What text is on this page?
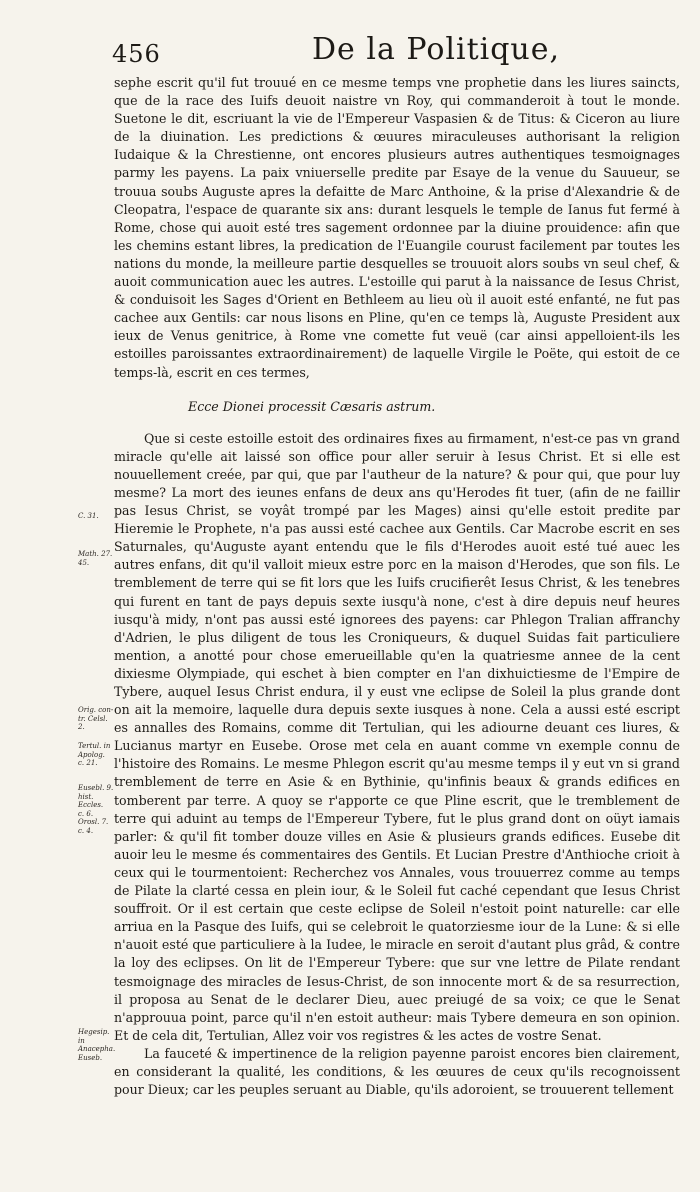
456	De la Politique,

sephe escrit qu'il fut trouué en ce mesme temps vne prophetie dans les liures saincts, que de la race des Iuifs deuoit naistre vn Roy, qui commanderoit à tout le monde. Suetone le dit, escriuant la vie de l'Empereur Vaspasien & de Titus: & Ciceron au liure de la diuination. Les predictions & œuures miraculeuses authorisant la religion Iudaique & la Chrestienne, ont encores plusieurs autres authentiques tesmoignages parmy les payens. La paix vniuerselle predite par Esaye de la venue du Sauueur, se trouua soubs Auguste apres la defaitte de Marc Anthoine, & la prise d'Alexandrie & de Cleopatra, l'espace de quarante six ans: durant lesquels le temple de Ianus fut fermé à Rome, chose qui auoit esté tres sagement ordonnee par la diuine prouidence: afin que les chemins estant libres, la predication de l'Euangile courust facilement par toutes les nations du monde, la meilleure partie desquelles se trouuoit alors soubs vn seul chef, & auoit communication auec les autres. L'estoille qui parut à la naissance de Iesus Christ, & conduisoit les Sages d'Orient en Bethleem au lieu où il auoit esté enfanté, ne fut pas cachee aux Gentils: car nous lisons en Pline, qu'en ce temps là, Auguste President aux ieux de Venus genitrice, à Rome vne comette fut veuë (car ainsi appelloient-ils les estoilles paroissantes extraordinairement) de laquelle Virgile le Poëte, qui estoit de ce temps-là, escrit en ces termes,

Ecce Dionei processit Cæsaris astrum.

Que si ceste estoille estoit des ordinaires fixes au firmament, n'est-ce pas vn grand miracle qu'elle ait laissé son office pour aller seruir à Iesus Christ. Et si elle est nouuellement creée, par qui, que par l'autheur de la nature? & pour qui, que pour luy mesme? La mort des ieunes enfans de deux ans qu'Herodes fit tuer, (afin de ne faillir pas Iesus Christ, se voyât trompé par les Mages) ainsi qu'elle estoit predite par Hieremie le Prophete, n'a pas aussi esté cachee aux Gentils. Car Macrobe escrit en ses Saturnales, qu'Auguste ayant entendu que le fils d'Herodes auoit esté tué auec les autres enfans, dit qu'il valloit mieux estre porc en la maison d'Herodes, que son fils. Le tremblement de terre qui se fit lors que les Iuifs crucifierêt Iesus Christ, & les tenebres qui furent en tant de pays depuis sexte iusqu'à none, c'est à dire depuis neuf heures iusqu'à midy, n'ont pas aussi esté ignorees des payens: car Phlegon Tralian affranchy d'Adrien, le plus diligent de tous les Croniqueurs, & duquel Suidas fait particuliere mention, a anotté pour chose emerueillable qu'en la quatriesme annee de la cent dixiesme Olympiade, qui eschet à bien compter en l'an dixhuictiesme de l'Empire de Tybere, auquel Iesus Christ endura, il y eust vne eclipse de Soleil la plus grande dont on ait la memoire, laquelle dura depuis sexte iusques à none. Cela a aussi esté escript es annalles des Romains, comme dit Tertulian, qui les adiourne deuant ces liures, & Lucianus martyr en Eusebe. Orose met cela en auant comme vn exemple connu de l'histoire des Romains. Le mesme Phlegon escrit qu'au mesme temps il y eut vn si grand tremblement de terre en Asie & en Bythinie, qu'infinis beaux & grands edifices en tomberent par terre. A quoy se r'apporte ce que Pline escrit, que le tremblement de terre qui aduint au temps de l'Empereur Tybere, fut le plus grand dont on oüyt iamais parler: & qu'il fit tomber douze villes en Asie & plusieurs grands edifices. Eusebe dit auoir leu le mesme és commentaires des Gentils. Et Lucian Prestre d'Anthioche crioit à ceux qui le tourmentoient: Recherchez vos Annales, vous trouuerrez comme au temps de Pilate la clarté cessa en plein iour, & le Soleil fut caché cependant que Iesus Christ souffroit. Or il est certain que ceste eclipse de Soleil n'estoit point naturelle: car elle arriua en la Pasque des Iuifs, qui se celebroit le quatorziesme iour de la Lune: & si elle n'auoit esté que particuliere à la Iudee, le miracle en seroit d'autant plus grâd, & contre la loy des eclipses. On lit de l'Empereur Tybere: que sur vne lettre de Pilate rendant tesmoignage des miracles de Iesus-Christ, de son innocente mort & de sa resurrection, il proposa au Senat de le declarer Dieu, auec preiugé de sa voix; ce que le Senat n'approuua point, parce qu'il n'en estoit autheur: mais Tybere demeura en son opinion. Et de cela dit, Tertulian, Allez voir vos registres & les actes de vostre Senat.

La fauceté & impertinence de la religion payenne paroist encores bien clairement, en considerant la qualité, les conditions, & les œuures de ceux qu'ils recognoissent pour Dieux; car les peuples seruant au Diable, qu'ils adoroient, se trouuerent tellement

C. 31.
Math. 27.
45.
Orig. con-
tr. Celsl.
2.
Tertul. in
Apolog.
c. 21.
Eusebl. 9.
hist. Eccles.
c. 6.
Orosl. 7.
c. 4.
Hegesip. in
Anacepha.
Euseb.
